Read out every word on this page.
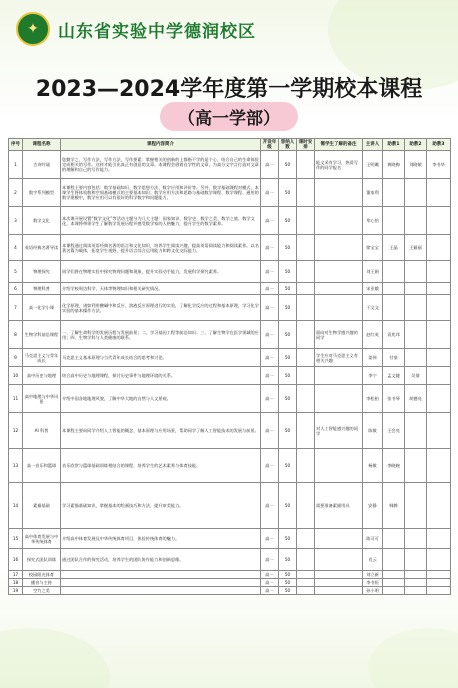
✦	山东省实验中学德润校区
2023—2024学年度第一学期校本课程
（高一学部）
序号	课程名称	课程内容简介	开设年级	容纳人数	课时安排	需学生了解的备注	主讲人	助教1	助教2	助教3
1	古诗吟诵	您勤学之、写作方法，写作方法，写作要素：掌握相关的创新的上都指不学的是个心，结合自己的生命体验完成相关的写作。这样才能引出真正有创意的文章。本课程会借着自学性的文章，为高分文字言打造对文章的理解和自己的写作能力。	高一	50		能文采有学习，热爱写作的同学报名	王明璐	黄晓梅	刘晓敏	李书华
2	数字系列模型	本课程主要内容包括：数学基础知识、数学思想方法、数学应用和评价等。另外，数学基础课程对模式，本课学生将体验数和空间基础模式的主要基本知识；数学应用方法和思路与基础数学课程、数学课程、通用的数学建模中，数学应用可以有很好的科学数字和问题能力。	高一	50			董家利			
3	数学文化	本次课开展设置“数学文化”等活动主题分为几大主题：国家知识、数学史、数学之美、数学之旅、数学文化。本课将带领学生了解数学发展历程并感受数学家的人格魅力，提升学生的数学素养。	高一	50			牟心怡			
4	英语经典名著导读	本课程通过阅读英语经典名著的语言和文化知识，培养学生阅读兴趣，提高英语阅读能力和阅读素养。以名著名篇为载体，拓宽学生视野，提升语言综合运用能力和跨文化交际能力。	高一	50			徐宝宝	王晶	王颖丽	
5	物理探究	同学们将在物理实验中探究物理问题和现象，提升实验动手能力，发展科学探究素养。	高一	50			刘王娟			
6	物理科普	介绍学校周边科学、天体等物理知识和相关研究情况。	高一	50			宋亚娥			
7	高一化学小课	化学原理，诸如利用酸碱中和反应、溶液反应原理进行的实验，了解化学反应的过程和基本原理，学习化学实验的基本操作方法。	高一	50			于文文			
8	生物学科前沿课程	一、了解生命科学的发展历程与发展前景；二、学习基因工程等前沿知识；三、了解生物学在医学领域的应用；四、生物学科与人类健康的联系。	高一	50		面向对生物学感兴趣的同学	赵红英	袁兆玮		
9	马克思主义与青年成长	马克思主义基本原理与当代青年成长结合的思考和讨论。	高一	50		学生应对马克思主义有相关兴趣	姜伟	付豪		
10	高中历史与地理	结合高中历史与地理课程，探讨历史事件与地理环境的关系。	高一	50			李宁	孟文婕	吴倩	
11	高中地理与中华风景	介绍中国各地地理风貌，了解中华大地的自然与人文景观。	高一	50			李松柏	张书琴	胡德亮	
12	AI 科普	本课程主要向同学介绍人工智能的概念、基本原理与应用场景，帮助同学了解人工智能技术的发展与前景。	高一	50		对人工智能感兴趣的同学	陈敏	王会亮		
13	高一音乐和篮球	音乐欣赏与篮球基础训练相结合的课程，培养学生的艺术素养与体育技能。	高一	50			杨敏	李晓婉		
14	素描基础	学习素描基础知识，掌握基本的绘画技巧和方法，提升审美能力。	高一	50		需要准备素描用具	安静	韩腾		
15	高中体育发展与中华传统体育	介绍高中体育发展及中华传统体育项目，体验传统体育的魅力。	高一	50			陈可可			
16	探究式团队训练	通过团队合作的探究活动，培养学生的团队协作能力和创新思维。	高一	50			肖云			
17	校园阳光体育		高一	50			刘立新			
18	播音与主持		高一	50			李书恒			
19	空竹之美		高一	50			孙小明			
